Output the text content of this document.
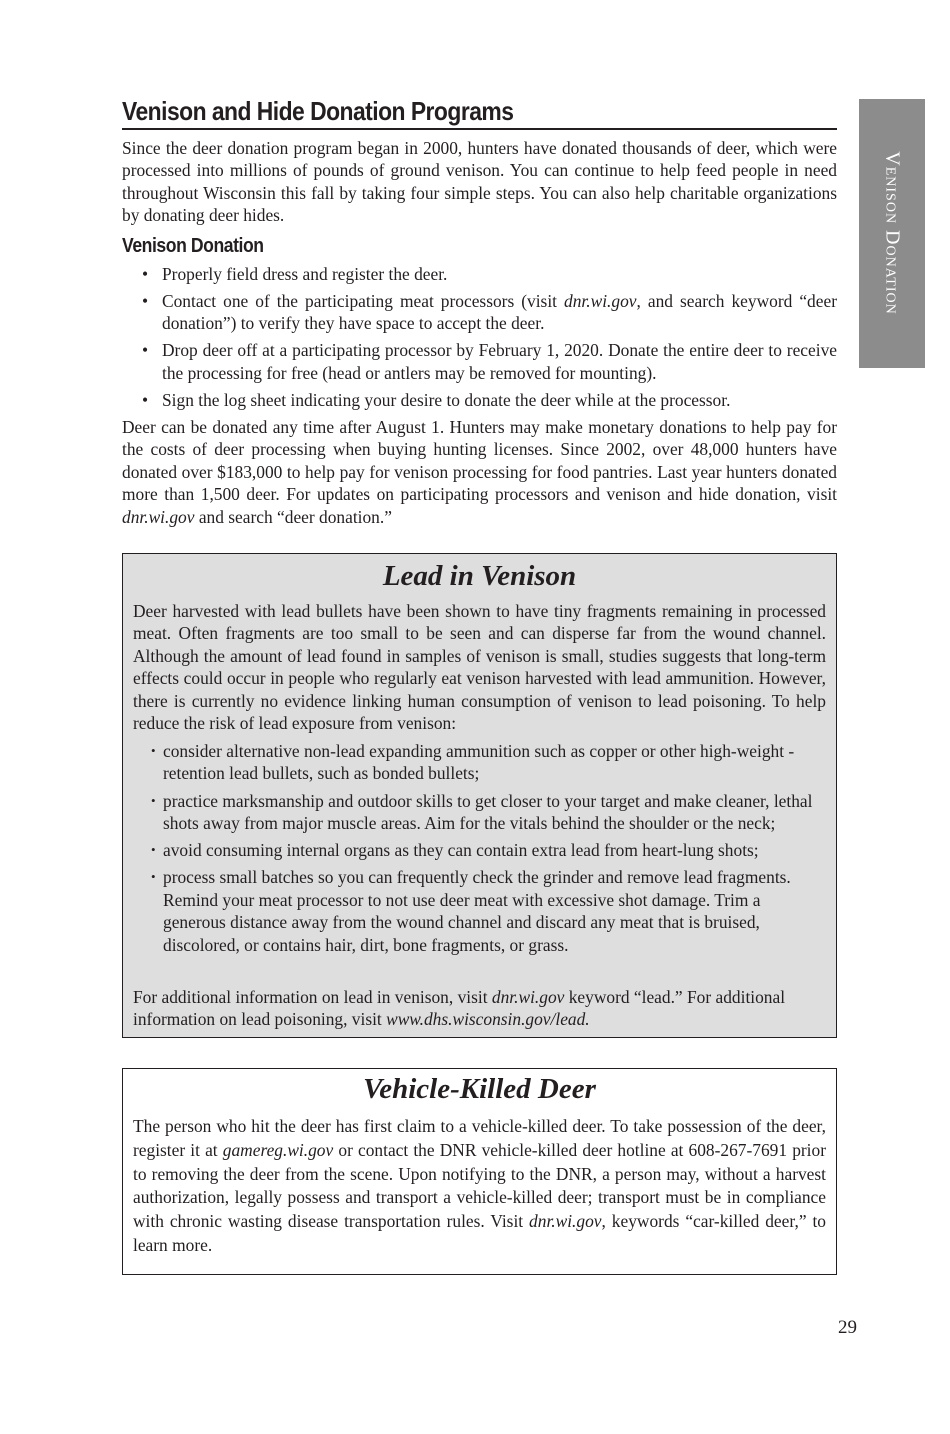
Venison Donation
Venison and Hide Donation Programs

Since the deer donation program began in 2000, hunters have donated thousands of deer, which were processed into millions of pounds of ground venison. You can continue to help feed people in need throughout Wisconsin this fall by taking four simple steps. You can also help charitable organizations by donating deer hides.

Venison Donation
• Properly field dress and register the deer.
• Contact one of the participating meat processors (visit dnr.wi.gov, and search keyword “deer donation”) to verify they have space to accept the deer.
• Drop deer off at a participating processor by February 1, 2020. Donate the entire deer to receive the processing for free (head or antlers may be removed for mounting).
• Sign the log sheet indicating your desire to donate the deer while at the processor.

Deer can be donated any time after August 1. Hunters may make monetary donations to help pay for the costs of deer processing when buying hunting licenses. Since 2002, over 48,000 hunters have donated over $183,000 to help pay for venison processing for food pantries. Last year hunters donated more than 1,500 deer. For updates on participating processors and venison and hide donation, visit dnr.wi.gov and search “deer donation.”

Lead in Venison

Deer harvested with lead bullets have been shown to have tiny fragments remaining in processed meat. Often fragments are too small to be seen and can disperse far from the wound channel. Although the amount of lead found in samples of venison is small, studies suggests that long-term effects could occur in people who regularly eat venison harvested with lead ammunition. However, there is currently no evidence linking human consumption of venison to lead poisoning. To help reduce the risk of lead exposure from venison:

• consider alternative non-lead expanding ammunition such as copper or other high-weight -retention lead bullets, such as bonded bullets;
• practice marksmanship and outdoor skills to get closer to your target and make cleaner, lethal shots away from major muscle areas. Aim for the vitals behind the shoulder or the neck;
• avoid consuming internal organs as they can contain extra lead from heart-lung shots;
• process small batches so you can frequently check the grinder and remove lead fragments. Remind your meat processor to not use deer meat with excessive shot damage. Trim a generous distance away from the wound channel and discard any meat that is bruised, discolored, or contains hair, dirt, bone fragments, or grass.

For additional information on lead in venison, visit dnr.wi.gov keyword “lead.” For additional information on lead poisoning, visit www.dhs.wisconsin.gov/lead.

Vehicle-Killed Deer

The person who hit the deer has first claim to a vehicle-killed deer. To take possession of the deer, register it at gamereg.wi.gov or contact the DNR vehicle-killed deer hotline at 608-267-7691 prior to removing the deer from the scene. Upon notifying to the DNR, a person may, without a harvest authorization, legally possess and transport a vehicle-killed deer; transport must be in compliance with chronic wasting disease transportation rules. Visit dnr.wi.gov, keywords “car-killed deer,” to learn more.

29
